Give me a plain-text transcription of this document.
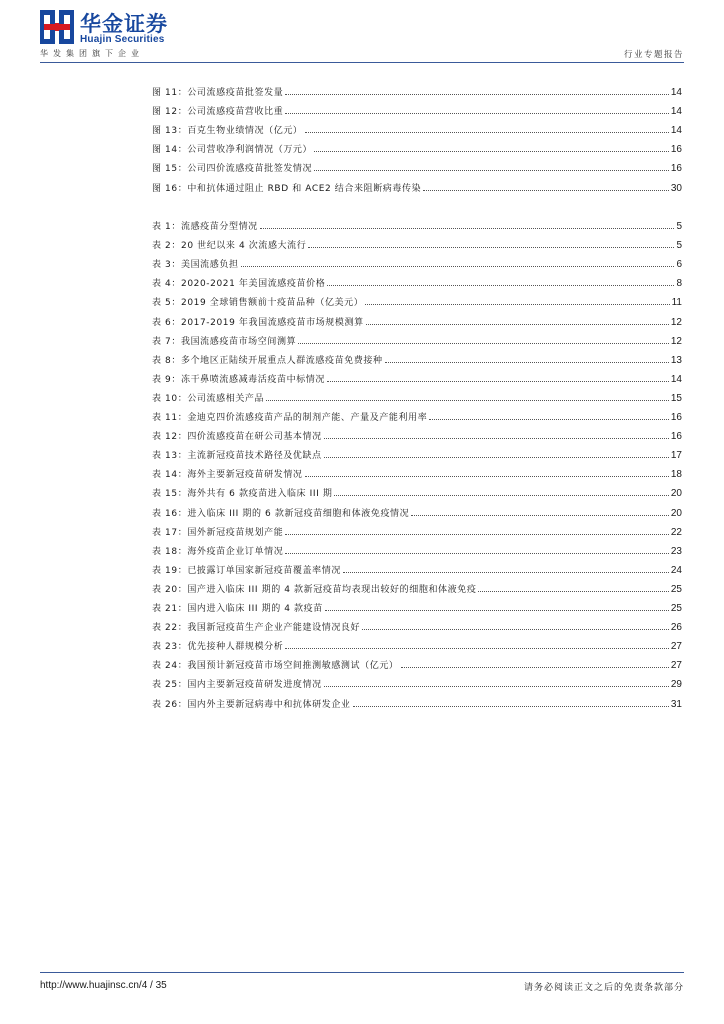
华金证券
Huajin Securities
华发集团旗下企业	行业专题报告
图 11：公司流感疫苗批签发量	14
图 12：公司流感疫苗营收比重	14
图 13：百克生物业绩情况（亿元）	14
图 14：公司营收净利润情况（万元）	16
图 15：公司四价流感疫苗批签发情况	16
图 16：中和抗体通过阻止 RBD 和 ACE2 结合来阻断病毒传染	30
表 1：流感疫苗分型情况	5
表 2：20 世纪以来 4 次流感大流行	5
表 3：美国流感负担	6
表 4：2020-2021 年美国流感疫苗价格	8
表 5：2019 全球销售额前十疫苗品种（亿美元）	11
表 6：2017-2019 年我国流感疫苗市场规模测算	12
表 7：我国流感疫苗市场空间测算	12
表 8：多个地区正陆续开展重点人群流感疫苗免费接种	13
表 9：冻干鼻喷流感减毒活疫苗中标情况	14
表 10：公司流感相关产品	15
表 11：金迪克四价流感疫苗产品的制剂产能、产量及产能利用率	16
表 12：四价流感疫苗在研公司基本情况	16
表 13：主流新冠疫苗技术路径及优缺点	17
表 14：海外主要新冠疫苗研发情况	18
表 15：海外共有 6 款疫苗进入临床 III 期	20
表 16：进入临床 III 期的 6 款新冠疫苗细胞和体液免疫情况	20
表 17：国外新冠疫苗规划产能	22
表 18：海外疫苗企业订单情况	23
表 19：已披露订单国家新冠疫苗覆盖率情况	24
表 20：国产进入临床 III 期的 4 款新冠疫苗均表现出较好的细胞和体液免疫	25
表 21：国内进入临床 III 期的 4 款疫苗	25
表 22：我国新冠疫苗生产企业产能建设情况良好	26
表 23：优先接种人群规模分析	27
表 24：我国预计新冠疫苗市场空间推测敏感测试（亿元）	27
表 25：国内主要新冠疫苗研发进度情况	29
表 26：国内外主要新冠病毒中和抗体研发企业	31
http://www.huajinsc.cn/4 / 35	请务必阅读正文之后的免责条款部分
